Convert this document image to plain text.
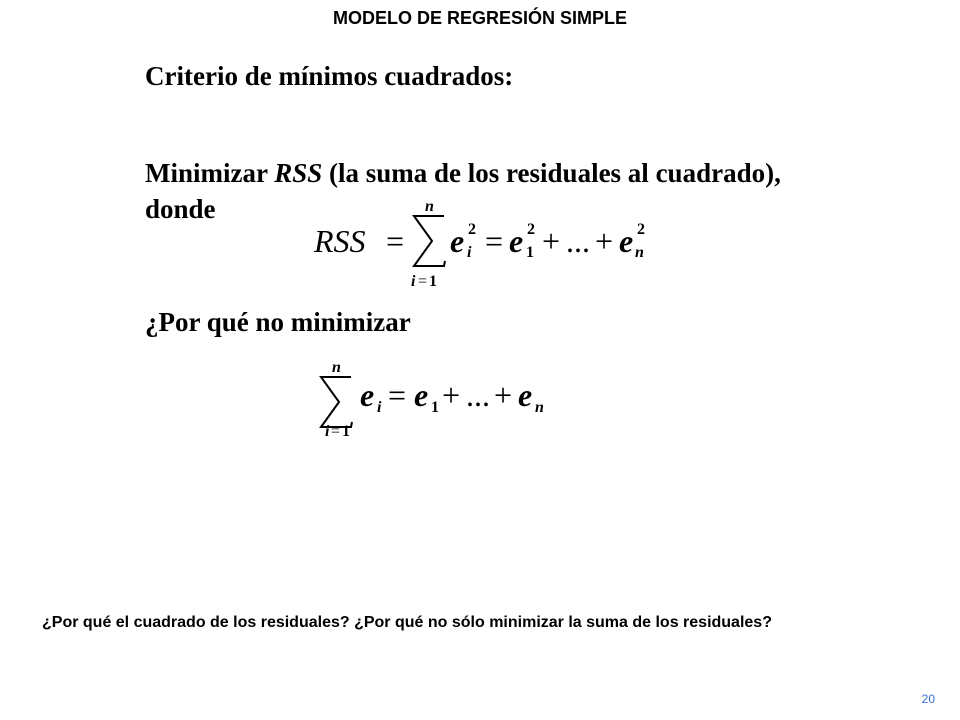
MODELO DE REGRESIÓN SIMPLE
Criterio de mínimos cuadrados:
Minimizar RSS (la suma de los residuales al cuadrado), donde
RSS =
n
i = 1
e 2
i = e 2
1 + ... + e 2
n
¿Por qué no minimizar
n
i = 1
e i = e 1 + ... + e n
¿Por qué el cuadrado de los residuales? ¿Por qué no sólo minimizar la suma de los residuales?
20
